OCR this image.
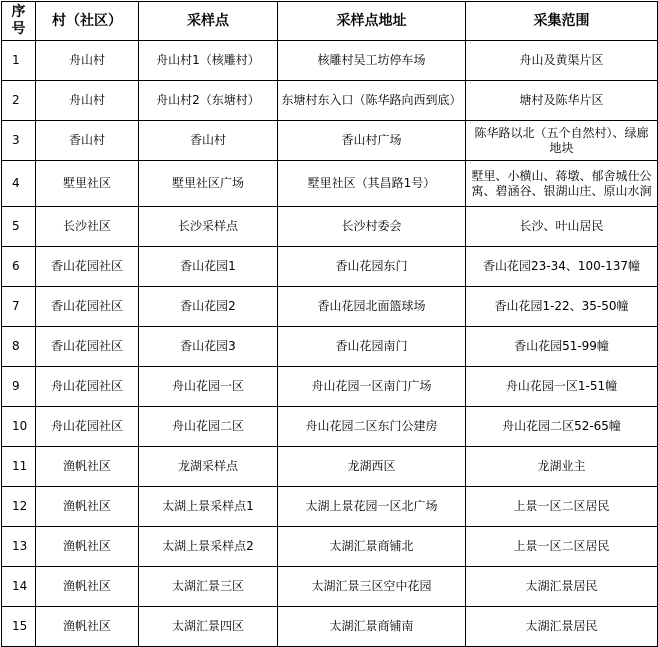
序号	村（社区）	采样点	采样点地址	采集范围
1	舟山村	舟山村1（核雕村）	核雕村吴工坊停车场	舟山及黄渠片区
2	舟山村	舟山村2（东塘村）	东塘村东入口（陈华路向西到底）	塘村及陈华片区
3	香山村	香山村	香山村广场	陈华路以北（五个自然村）、绿廊地块
4	墅里社区	墅里社区广场	墅里社区（其昌路1号）	墅里、小横山、蒋墩、郁舍城仕公寓、碧涵谷、银湖山庄、原山水涧
5	长沙社区	长沙采样点	长沙村委会	长沙、叶山居民
6	香山花园社区	香山花园1	香山花园东门	香山花园23-34、100-137幢
7	香山花园社区	香山花园2	香山花园北面篮球场	香山花园1-22、35-50幢
8	香山花园社区	香山花园3	香山花园南门	香山花园51-99幢
9	舟山花园社区	舟山花园一区	舟山花园一区南门广场	舟山花园一区1-51幢
10	舟山花园社区	舟山花园二区	舟山花园二区东门公建房	舟山花园二区52-65幢
11	渔帆社区	龙湖采样点	龙湖西区	龙湖业主
12	渔帆社区	太湖上景采样点1	太湖上景花园一区北广场	上景一区二区居民
13	渔帆社区	太湖上景采样点2	太湖汇景商铺北	上景一区二区居民
14	渔帆社区	太湖汇景三区	太湖汇景三区空中花园	太湖汇景居民
15	渔帆社区	太湖汇景四区	太湖汇景商铺南	太湖汇景居民
